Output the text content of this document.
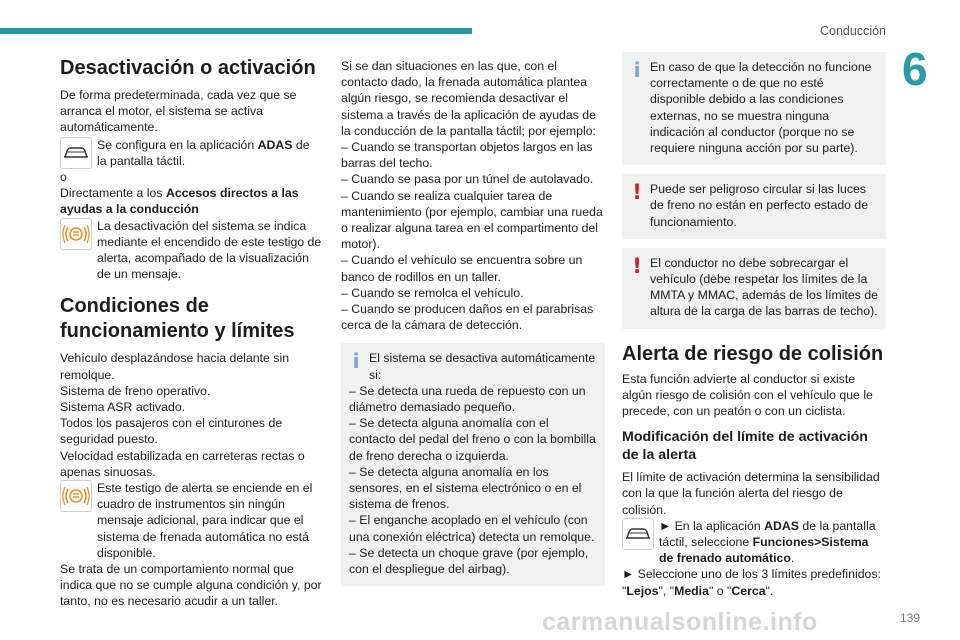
Conducción
6
Desactivación o activación
De forma predeterminada, cada vez que se arranca el motor, el sistema se activa automáticamente.
Se configura en la aplicación ADAS de la pantalla táctil.
o
Directamente a los Accesos directos a las ayudas a la conducción
La desactivación del sistema se indica mediante el encendido de este testigo de alerta, acompañado de la visualización de un mensaje.
Condiciones de funcionamiento y límites
Vehículo desplazándose hacia delante sin remolque.
Sistema de freno operativo.
Sistema ASR activado.
Todos los pasajeros con el cinturones de seguridad puesto.
Velocidad estabilizada en carreteras rectas o apenas sinuosas.
Este testigo de alerta se enciende en el cuadro de instrumentos sin ningún mensaje adicional, para indicar que el sistema de frenada automática no está disponible.
Se trata de un comportamiento normal que indica que no se cumple alguna condición y, por tanto, no es necesario acudir a un taller.
Si se dan situaciones en las que, con el contacto dado, la frenada automática plantea algún riesgo, se recomienda desactivar el sistema a través de la aplicación de ayudas de la conducción de la pantalla táctil; por ejemplo:
– Cuando se transportan objetos largos en las barras del techo.
– Cuando se pasa por un túnel de autolavado.
– Cuando se realiza cualquier tarea de mantenimiento (por ejemplo, cambiar una rueda o realizar alguna tarea en el compartimento del motor).
– Cuando el vehículo se encuentra sobre un banco de rodillos en un taller.
– Cuando se remolca el vehículo.
– Cuando se producen daños en el parabrisas cerca de la cámara de detección.
i El sistema se desactiva automáticamente si:
– Se detecta una rueda de repuesto con un diámetro demasiado pequeño.
– Se detecta alguna anomalía con el contacto del pedal del freno o con la bombilla de freno derecha o izquierda.
– Se detecta alguna anomalía en los sensores, en el sistema electrónico o en el sistema de frenos.
– El enganche acoplado en el vehículo (con una conexión eléctrica) detecta un remolque.
– Se detecta un choque grave (por ejemplo, con el despliegue del airbag).
i En caso de que la detección no funcione correctamente o de que no esté disponible debido a las condiciones externas, no se muestra ninguna indicación al conductor (porque no se requiere ninguna acción por su parte).
! Puede ser peligroso circular si las luces de freno no están en perfecto estado de funcionamiento.
! El conductor no debe sobrecargar el vehículo (debe respetar los límites de la MMTA y MMAC, además de los límites de altura de la carga de las barras de techo).
Alerta de riesgo de colisión
Esta función advierte al conductor si existe algún riesgo de colisión con el vehículo que le precede, con un peatón o con un ciclista.
Modificación del límite de activación de la alerta
El límite de activación determina la sensibilidad con la que la función alerta del riesgo de colisión.
► En la aplicación ADAS de la pantalla táctil, seleccione Funciones>Sistema de frenado automático.
► Seleccione uno de los 3 límites predefinidos: "Lejos", "Media" o "Cerca".
carmanualsonline.info	139
